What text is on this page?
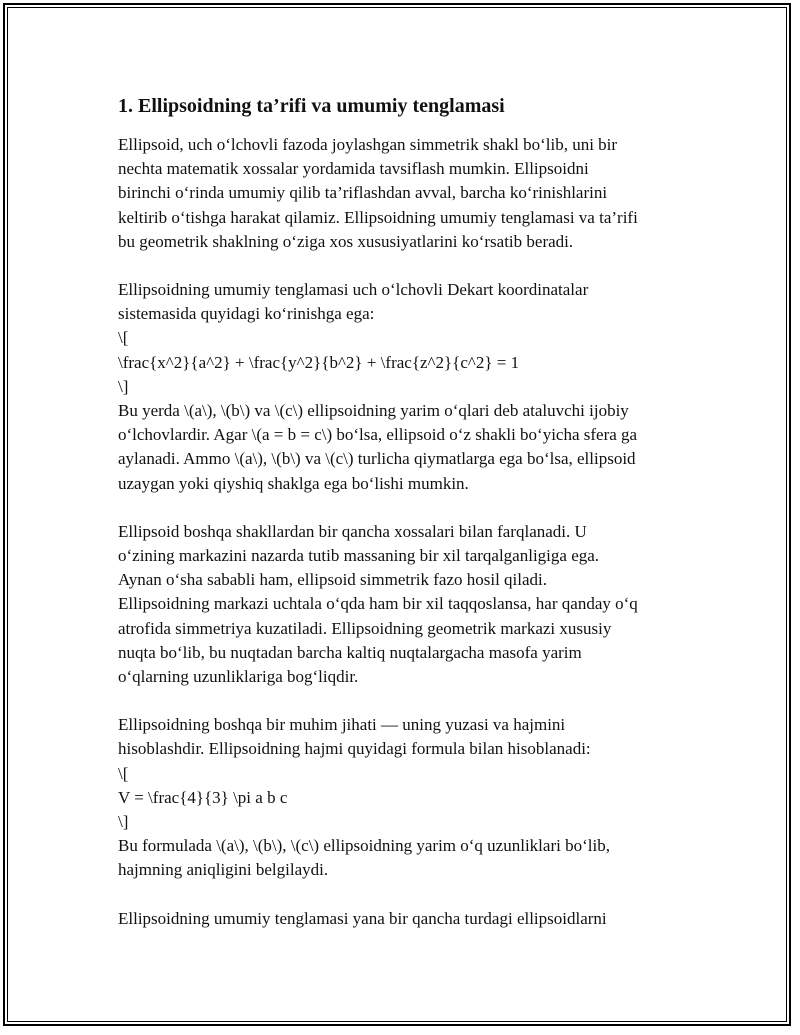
1. Ellipsoidning ta’rifi va umumiy tenglamasi

Ellipsoid, uch o‘lchovli fazoda joylashgan simmetrik shakl bo‘lib, uni bir
nechta matematik xossalar yordamida tavsiflash mumkin. Ellipsoidni
birinchi o‘rinda umumiy qilib ta’riflashdan avval, barcha ko‘rinishlarini
keltirib o‘tishga harakat qilamiz. Ellipsoidning umumiy tenglamasi va ta’rifi
bu geometrik shaklning o‘ziga xos xususiyatlarini ko‘rsatib beradi.

Ellipsoidning umumiy tenglamasi uch o‘lchovli Dekart koordinatalar
sistemasida quyidagi ko‘rinishga ega:
\[
\frac{x^2}{a^2} + \frac{y^2}{b^2} + \frac{z^2}{c^2} = 1
\]
Bu yerda \(a\), \(b\) va \(c\) ellipsoidning yarim o‘qlari deb ataluvchi ijobiy
o‘lchovlardir. Agar \(a = b = c\) bo‘lsa, ellipsoid o‘z shakli bo‘yicha sfera ga
aylanadi. Ammo \(a\), \(b\) va \(c\) turlicha qiymatlarga ega bo‘lsa, ellipsoid
uzaygan yoki qiyshiq shaklga ega bo‘lishi mumkin.

Ellipsoid boshqa shakllardan bir qancha xossalari bilan farqlanadi. U
o‘zining markazini nazarda tutib massaning bir xil tarqalganligiga ega.
Aynan o‘sha sababli ham, ellipsoid simmetrik fazo hosil qiladi.
Ellipsoidning markazi uchtala o‘qda ham bir xil taqqoslansa, har qanday o‘q
atrofida simmetriya kuzatiladi. Ellipsoidning geometrik markazi xususiy
nuqta bo‘lib, bu nuqtadan barcha kaltiq nuqtalargacha masofa yarim
o‘qlarning uzunliklariga bog‘liqdir.

Ellipsoidning boshqa bir muhim jihati — uning yuzasi va hajmini
hisoblashdir. Ellipsoidning hajmi quyidagi formula bilan hisoblanadi:
\[
V = \frac{4}{3} \pi a b c
\]
Bu formulada \(a\), \(b\), \(c\) ellipsoidning yarim o‘q uzunliklari bo‘lib,
hajmning aniqligini belgilaydi.

Ellipsoidning umumiy tenglamasi yana bir qancha turdagi ellipsoidlarni
